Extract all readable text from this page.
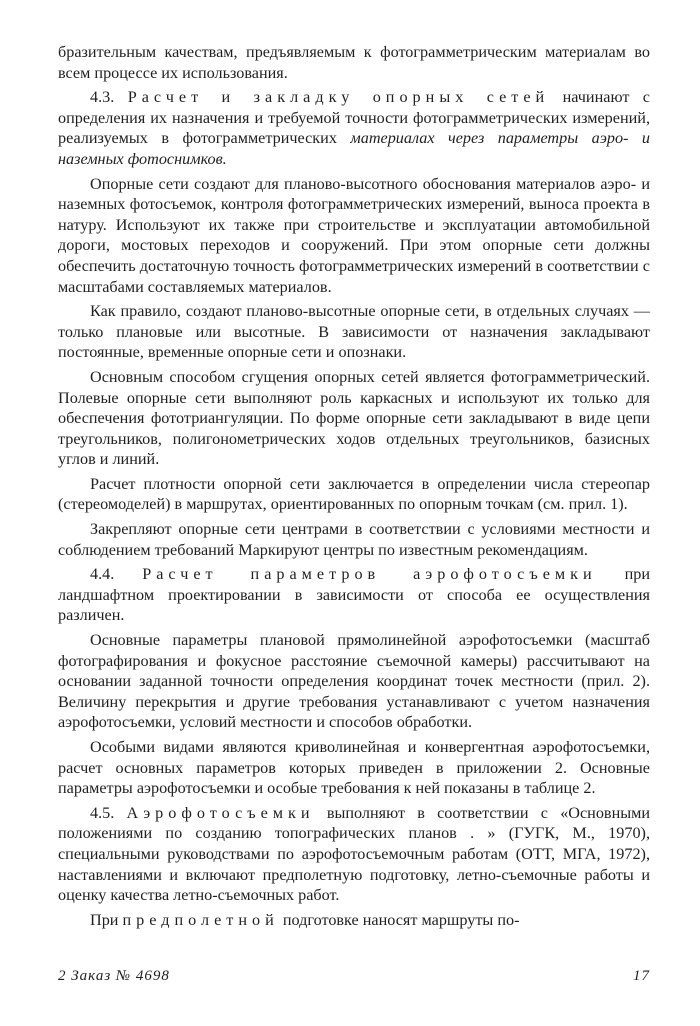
бразительным качествам, предъявляемым к фотограмметрическим материалам во всем процессе их использования.

4.3. Расчет и закладку опорных сетей начинают с определения их назначения и требуемой точности фотограмметрических измерений, реализуемых в фотограмметрических материалах через параметры аэро- и наземных фотоснимков.

Опорные сети создают для планово-высотного обоснования материалов аэро- и наземных фотосъемок, контроля фотограмметрических измерений, выноса проекта в натуру. Используют их также при строительстве и эксплуатации автомобильной дороги, мостовых переходов и сооружений. При этом опорные сети должны обеспечить достаточную точность фотограмметрических измерений в соответствии с масштабами составляемых материалов.

Как правило, создают планово-высотные опорные сети, в отдельных случаях — только плановые или высотные. В зависимости от назначения закладывают постоянные, временные опорные сети и опознаки.

Основным способом сгущения опорных сетей является фотограмметрический. Полевые опорные сети выполняют роль каркасных и используют их только для обеспечения фототриангуляции. По форме опорные сети закладывают в виде цепи треугольников, полигонометрических ходов отдельных треугольников, базисных углов и линий.

Расчет плотности опорной сети заключается в определении числа стереопар (стереомоделей) в маршрутах, ориентированных по опорным точкам (см. прил. 1).

Закрепляют опорные сети центрами в соответствии с условиями местности и соблюдением требований Маркируют центры по известным рекомендациям.

4.4. Расчет параметров аэрофотосъемки при ландшафтном проектировании в зависимости от способа ее осуществления различен.

Основные параметры плановой прямолинейной аэрофотосъемки (масштаб фотографирования и фокусное расстояние съемочной камеры) рассчитывают на основании заданной точности определения координат точек местности (прил. 2). Величину перекрытия и другие требования устанавливают с учетом назначения аэрофотосъемки, условий местности и способов обработки.

Особыми видами являются криволинейная и конвергентная аэрофотосъемки, расчет основных параметров которых приведен в приложении 2. Основные параметры аэрофотосъемки и особые требования к ней показаны в таблице 2.

4.5. Аэрофотосъемки выполняют в соответствии с «Основными положениями по созданию топографических планов . » (ГУГК, М., 1970), специальными руководствами по аэрофотосъемочным работам (ОТТ, МГА, 1972), наставлениями и включают предполетную подготовку, летно-съемочные работы и оценку качества летно-съемочных работ.

При предполетной подготовке наносят маршруты по-

2 Заказ № 4698	17
